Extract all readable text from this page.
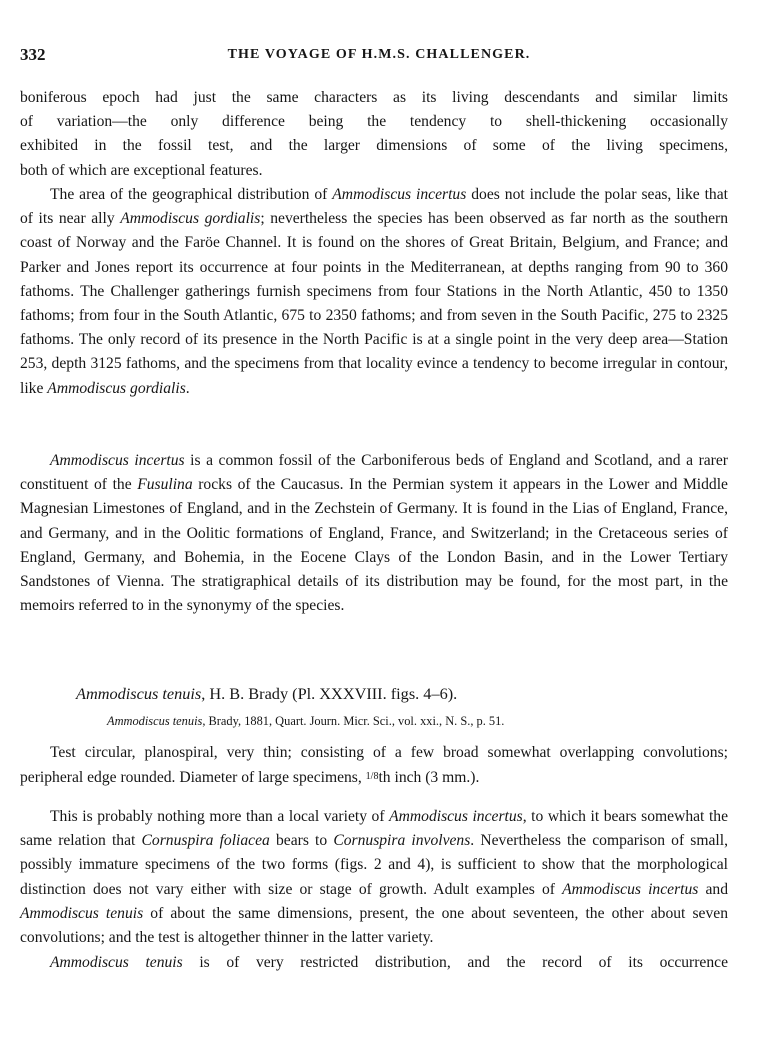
332	THE VOYAGE OF H.M.S. CHALLENGER.

boniferous epoch had just the same characters as its living descendants and similar limits

of variation—the only difference being the tendency to shell-thickening occasionally

exhibited in the fossil test, and the larger dimensions of some of the living specimens,

both of which are exceptional features.

The area of the geographical distribution of Ammodiscus incertus does not include the polar seas, like that of its near ally Ammodiscus gordialis; nevertheless the species has been observed as far north as the southern coast of Norway and the Faröe Channel. It is found on the shores of Great Britain, Belgium, and France; and Parker and Jones report its occurrence at four points in the Mediterranean, at depths ranging from 90 to 360 fathoms. The Challenger gatherings furnish specimens from four Stations in the North Atlantic, 450 to 1350 fathoms; from four in the South Atlantic, 675 to 2350 fathoms; and from seven in the South Pacific, 275 to 2325 fathoms. The only record of its presence in the North Pacific is at a single point in the very deep area—Station 253, depth 3125 fathoms, and the specimens from that locality evince a tendency to become irregular in contour, like Ammodiscus gordialis.

Ammodiscus incertus is a common fossil of the Carboniferous beds of England and Scotland, and a rarer constituent of the Fusulina rocks of the Caucasus. In the Permian system it appears in the Lower and Middle Magnesian Limestones of England, and in the Zechstein of Germany. It is found in the Lias of England, France, and Germany, and in the Oolitic formations of England, France, and Switzerland; in the Cretaceous series of England, Germany, and Bohemia, in the Eocene Clays of the London Basin, and in the Lower Tertiary Sandstones of Vienna. The stratigraphical details of its distribution may be found, for the most part, in the memoirs referred to in the synonymy of the species.

Ammodiscus tenuis, H. B. Brady (Pl. XXXVIII. figs. 4–6).
Ammodiscus tenuis, Brady, 1881, Quart. Journ. Micr. Sci., vol. xxi., N. S., p. 51.

Test circular, planospiral, very thin; consisting of a few broad somewhat overlapping convolutions; peripheral edge rounded. Diameter of large specimens, 1/8th inch (3 mm.).

This is probably nothing more than a local variety of Ammodiscus incertus, to which it bears somewhat the same relation that Cornuspira foliacea bears to Cornuspira involvens. Nevertheless the comparison of small, possibly immature specimens of the two forms (figs. 2 and 4), is sufficient to show that the morphological distinction does not vary either with size or stage of growth. Adult examples of Ammodiscus incertus and Ammodiscus tenuis of about the same dimensions, present, the one about seventeen, the other about seven convolutions; and the test is altogether thinner in the latter variety.

Ammodiscus tenuis is of very restricted distribution, and the record of its occurrence
